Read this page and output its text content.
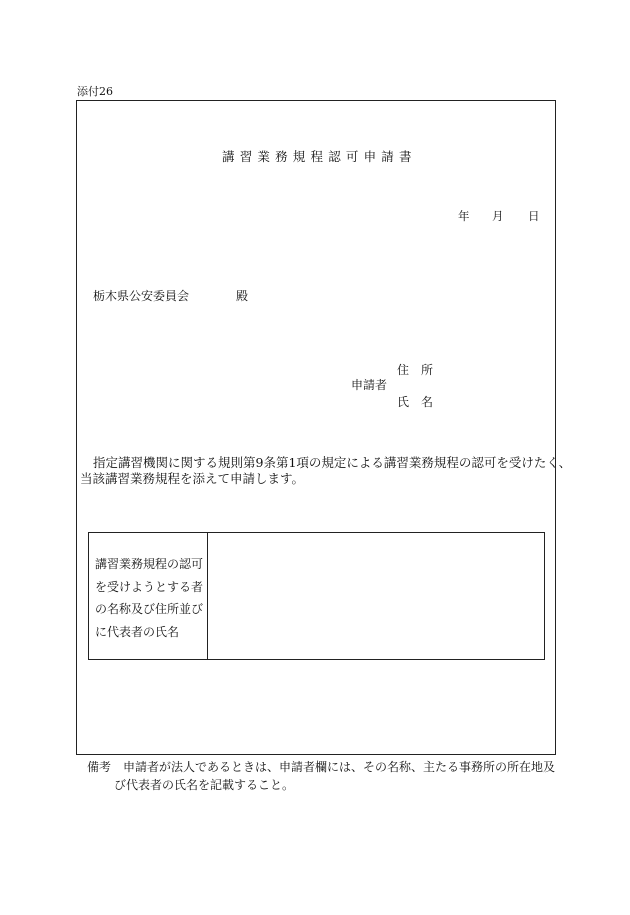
添付26
講習業務規程認可申請書
年 月 日
栃木県公安委員会	殿
住所
申請者
氏名
指定講習機関に関する規則第9条第1項の規定による講習業務規程の認可を受けたく、
当該講習業務規程を添えて申請します。
講習業務規程の認可
を受けようとする者
の名称及び住所並び
に代表者の氏名
備考 申請者が法人であるときは、申請者欄には、その名称、主たる事務所の所在地及
び代表者の氏名を記載すること。
